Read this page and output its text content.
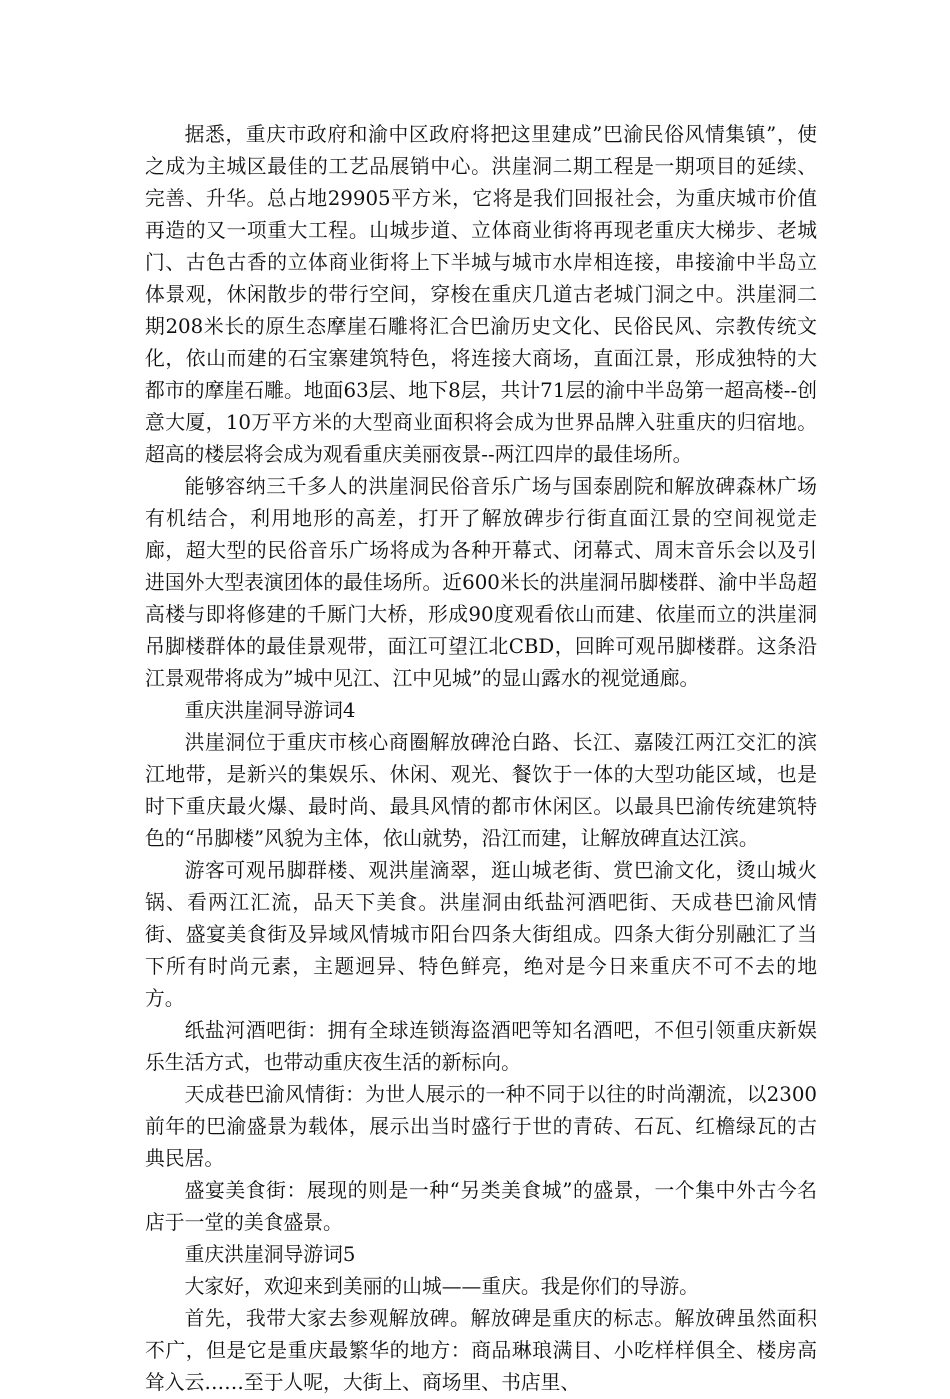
据悉，重庆市政府和渝中区政府将把这里建成”巴渝民俗风情集镇”，使之成为主城区最佳的工艺品展销中心。洪崖洞二期工程是一期项目的延续、完善、升华。总占地29905平方米，它将是我们回报社会，为重庆城市价值再造的又一项重大工程。山城步道、立体商业街将再现老重庆大梯步、老城门、古色古香的立体商业街将上下半城与城市水岸相连接，串接渝中半岛立体景观，休闲散步的带行空间，穿梭在重庆几道古老城门洞之中。洪崖洞二期208米长的原生态摩崖石雕将汇合巴渝历史文化、民俗民风、宗教传统文化，依山而建的石宝寨建筑特色，将连接大商场，直面江景，形成独特的大都市的摩崖石雕。地面63层、地下8层，共计71层的渝中半岛第一超高楼--创意大厦，10万平方米的大型商业面积将会成为世界品牌入驻重庆的归宿地。超高的楼层将会成为观看重庆美丽夜景--两江四岸的最佳场所。

能够容纳三千多人的洪崖洞民俗音乐广场与国泰剧院和解放碑森林广场有机结合，利用地形的高差，打开了解放碑步行街直面江景的空间视觉走廊，超大型的民俗音乐广场将成为各种开幕式、闭幕式、周末音乐会以及引进国外大型表演团体的最佳场所。近600米长的洪崖洞吊脚楼群、渝中半岛超高楼与即将修建的千厮门大桥，形成90度观看依山而建、依崖而立的洪崖洞吊脚楼群体的最佳景观带，面江可望江北CBD，回眸可观吊脚楼群。这条沿江景观带将成为”城中见江、江中见城”的显山露水的视觉通廊。

重庆洪崖洞导游词4

洪崖洞位于重庆市核心商圈解放碑沧白路、长江、嘉陵江两江交汇的滨江地带，是新兴的集娱乐、休闲、观光、餐饮于一体的大型功能区域，也是时下重庆最火爆、最时尚、最具风情的都市休闲区。以最具巴渝传统建筑特色的“吊脚楼”风貌为主体，依山就势，沿江而建，让解放碑直达江滨。

游客可观吊脚群楼、观洪崖滴翠，逛山城老街、赏巴渝文化，烫山城火锅、看两江汇流，品天下美食。洪崖洞由纸盐河酒吧街、天成巷巴渝风情街、盛宴美食街及异域风情城市阳台四条大街组成。四条大街分别融汇了当下所有时尚元素，主题迥异、特色鲜亮，绝对是今日来重庆不可不去的地方。

纸盐河酒吧街：拥有全球连锁海盗酒吧等知名酒吧，不但引领重庆新娱乐生活方式，也带动重庆夜生活的新标向。

天成巷巴渝风情街：为世人展示的一种不同于以往的时尚潮流，以2300前年的巴渝盛景为载体，展示出当时盛行于世的青砖、石瓦、红檐绿瓦的古典民居。

盛宴美食街：展现的则是一种“另类美食城”的盛景，一个集中外古今名店于一堂的美食盛景。

重庆洪崖洞导游词5

大家好，欢迎来到美丽的山城——重庆。我是你们的导游。

首先，我带大家去参观解放碑。解放碑是重庆的标志。解放碑虽然面积不广，但是它是重庆最繁华的地方：商品琳琅满目、小吃样样俱全、楼房高耸入云……至于人呢，大街上、商场里、书店里、
